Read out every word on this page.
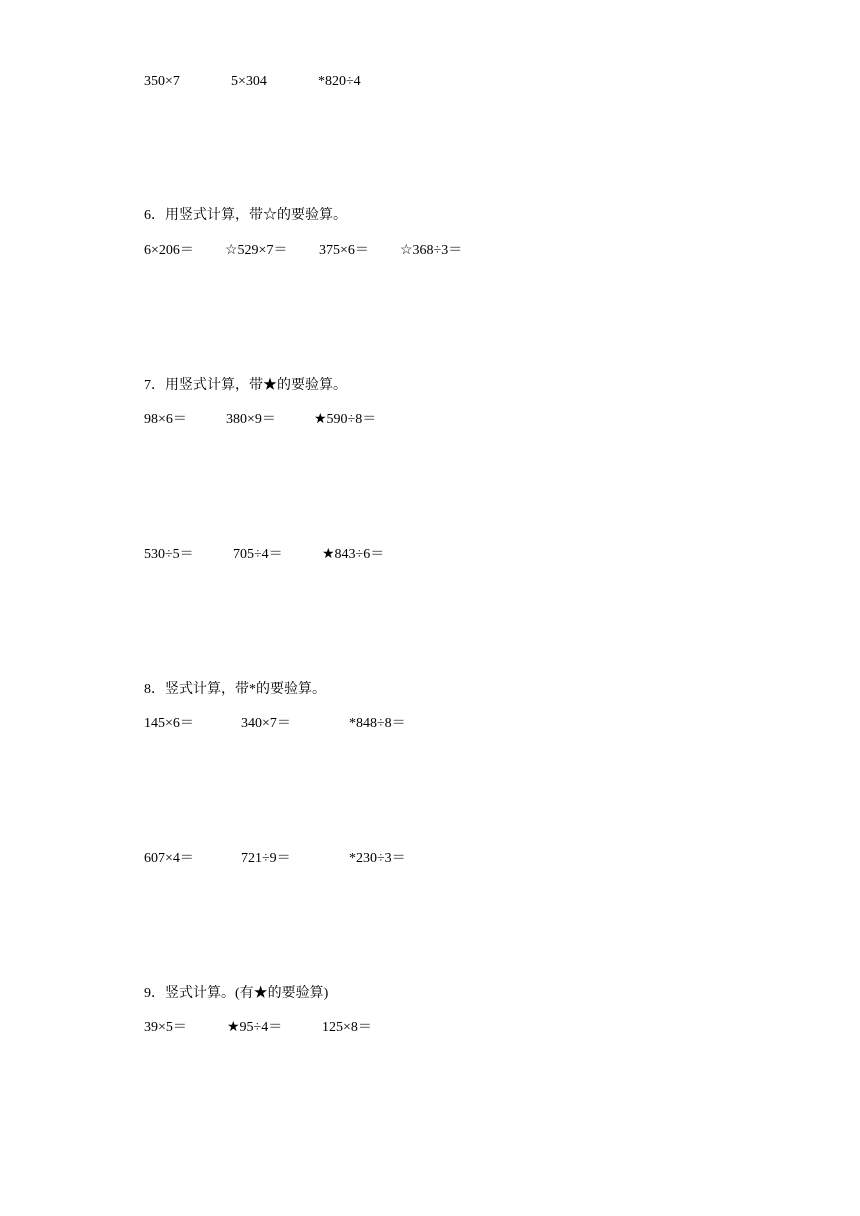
350×7	5×304	*820÷4
6．用竖式计算，带☆的要验算。
6×206＝ ☆529×7＝ 375×6＝ ☆368÷3＝
7．用竖式计算，带★的要验算。
98×6＝	380×9＝	★590÷8＝
530÷5＝	705÷4＝	★843÷6＝
8．竖式计算，带*的要验算。
145×6＝	340×7＝	*848÷8＝
607×4＝	721÷9＝	*230÷3＝
9．竖式计算。(有★的要验算)
39×5＝	★95÷4＝	125×8＝
